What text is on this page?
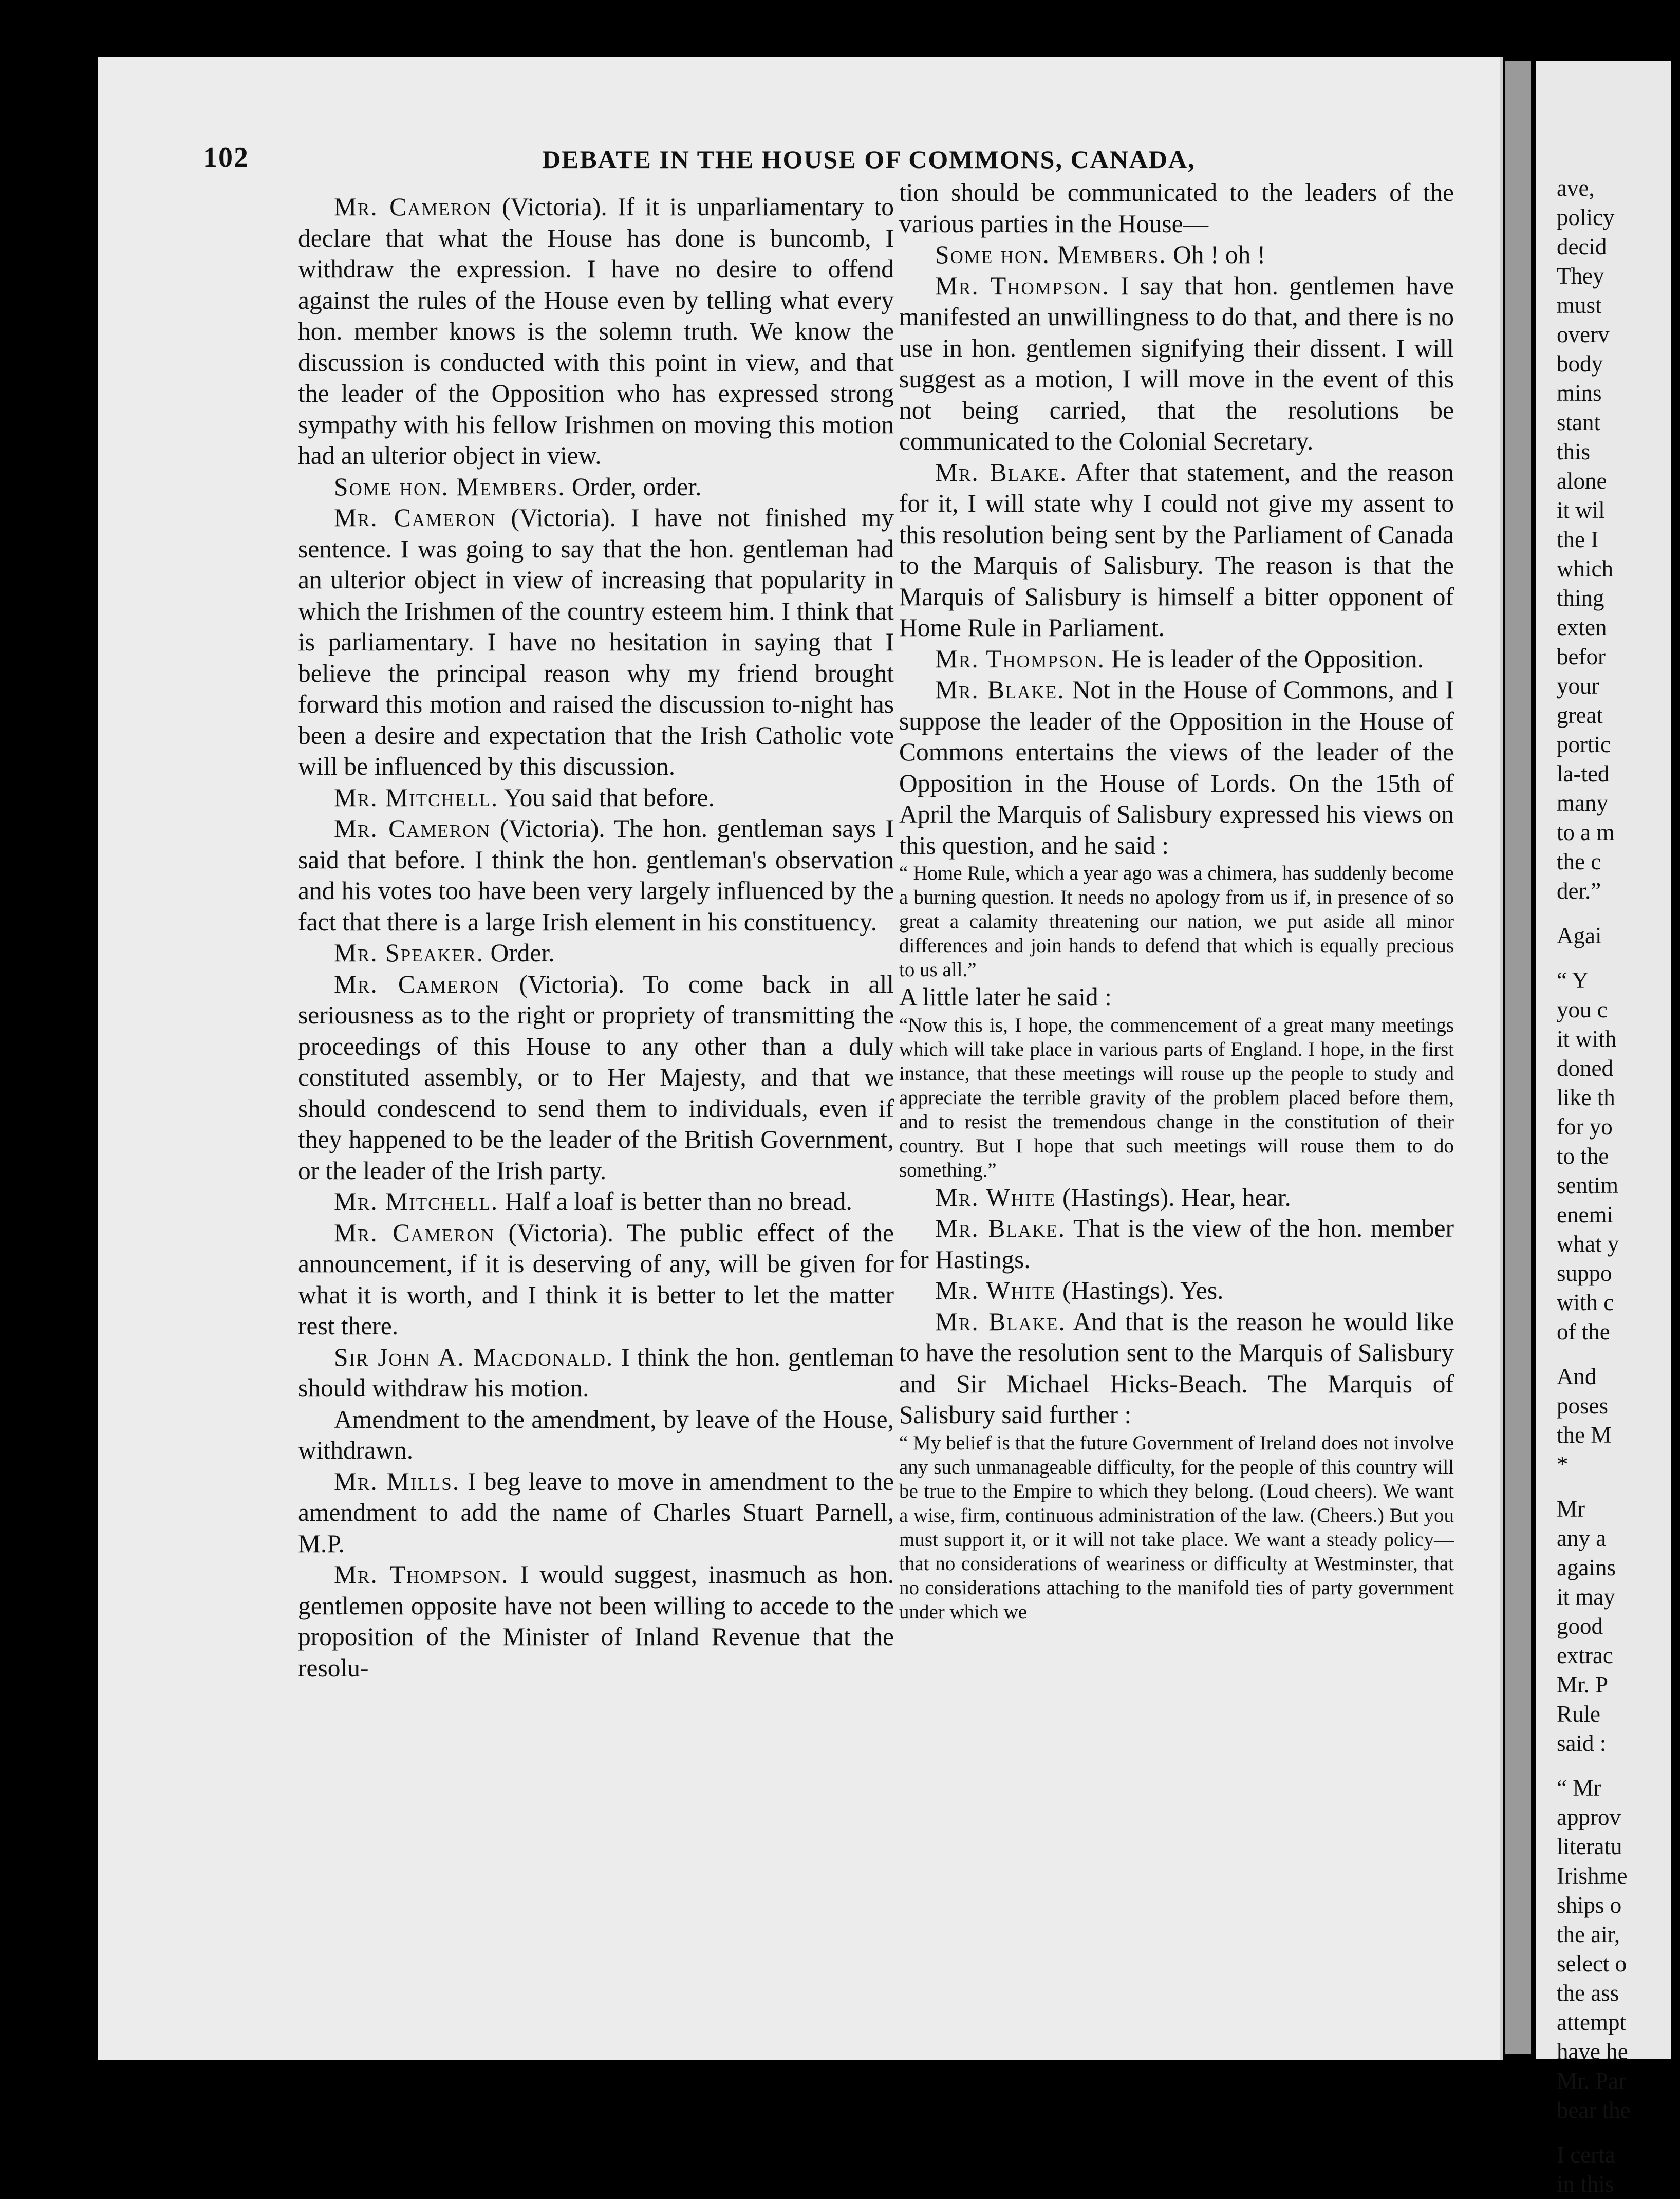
ave,

policy

decid

They

must

overv

body

mins

stant

this

alone

it wil

the I

which

thing

exten

befor

your

great

portic

la-ted

many

to a m

the c

der.”

Agai

“ Y

you c

it with

doned

like th

for yo

to the

sentim

enemi

what y

suppo

with c

of the

And

poses

the M

*

Mr

any a

agains

it may

good

extrac

Mr. P

Rule

said :

“ Mr

approv

literatu

Irishme

ships o

the air,

select o

the ass

attempt

have he

Mr. Par

bear the

I certa

in this

102	DEBATE IN THE HOUSE OF COMMONS, CANADA,

Mr. Cameron (Victoria). If it is unparliamentary to declare that what the House has done is buncomb, I withdraw the expression. I have no desire to offend against the rules of the House even by telling what every hon. member knows is the solemn truth. We know the discussion is conducted with this point in view, and that the leader of the Opposition who has expressed strong sympathy with his fellow Irishmen on moving this motion had an ulterior object in view.

Some hon. Members. Order, order.

Mr. Cameron (Victoria). I have not finished my sentence. I was going to say that the hon. gentleman had an ulterior object in view of increasing that popularity in which the Irishmen of the country esteem him. I think that is parliamentary. I have no hesitation in saying that I believe the principal reason why my friend brought forward this motion and raised the discussion to-night has been a desire and expectation that the Irish Catholic vote will be influenced by this discussion.

Mr. Mitchell. You said that before.

Mr. Cameron (Victoria). The hon. gentleman says I said that before. I think the hon. gentleman's observation and his votes too have been very largely influenced by the fact that there is a large Irish element in his constituency.

Mr. Speaker. Order.

Mr. Cameron (Victoria). To come back in all seriousness as to the right or propriety of transmitting the proceedings of this House to any other than a duly constituted assembly, or to Her Majesty, and that we should condescend to send them to individuals, even if they happened to be the leader of the British Government, or the leader of the Irish party.

Mr. Mitchell. Half a loaf is better than no bread.

Mr. Cameron (Victoria). The public effect of the announcement, if it is deserving of any, will be given for what it is worth, and I think it is better to let the matter rest there.

Sir John A. Macdonald. I think the hon. gentleman should withdraw his motion.

Amendment to the amendment, by leave of the House, withdrawn.

Mr. Mills. I beg leave to move in amendment to the amendment to add the name of Charles Stuart Parnell, M.P.

Mr. Thompson. I would suggest, inasmuch as hon. gentlemen opposite have not been willing to accede to the proposition of the Minister of Inland Revenue that the resolu-

tion should be communicated to the leaders of the various parties in the House—

Some hon. Members. Oh ! oh !

Mr. Thompson. I say that hon. gentlemen have manifested an unwillingness to do that, and there is no use in hon. gentlemen signifying their dissent. I will suggest as a motion, I will move in the event of this not being carried, that the resolutions be communicated to the Colonial Secretary.

Mr. Blake. After that statement, and the reason for it, I will state why I could not give my assent to this resolution being sent by the Parliament of Canada to the Marquis of Salisbury. The reason is that the Marquis of Salisbury is himself a bitter opponent of Home Rule in Parliament.

Mr. Thompson. He is leader of the Opposition.

Mr. Blake. Not in the House of Commons, and I suppose the leader of the Opposition in the House of Commons entertains the views of the leader of the Opposition in the House of Lords. On the 15th of April the Marquis of Salisbury expressed his views on this question, and he said :

“ Home Rule, which a year ago was a chimera, has suddenly become a burning question. It needs no apology from us if, in presence of so great a calamity threatening our nation, we put aside all minor differences and join hands to defend that which is equally precious to us all.”

A little later he said :

“Now this is, I hope, the commencement of a great many meetings which will take place in various parts of England. I hope, in the first instance, that these meetings will rouse up the people to study and appreciate the terrible gravity of the problem placed before them, and to resist the tremendous change in the constitution of their country. But I hope that such meetings will rouse them to do something.”

Mr. White (Hastings). Hear, hear.

Mr. Blake. That is the view of the hon. member for Hastings.

Mr. White (Hastings). Yes.

Mr. Blake. And that is the reason he would like to have the resolution sent to the Marquis of Salisbury and Sir Michael Hicks-Beach. The Marquis of Salisbury said further :

“ My belief is that the future Government of Ireland does not involve any such unmanageable difficulty, for the people of this country will be true to the Empire to which they belong. (Loud cheers). We want a wise, firm, continuous administration of the law. (Cheers.) But you must support it, or it will not take place. We want a steady policy—that no considerations of weariness or difficulty at Westminster, that no considerations attaching to the manifold ties of party government under which we
